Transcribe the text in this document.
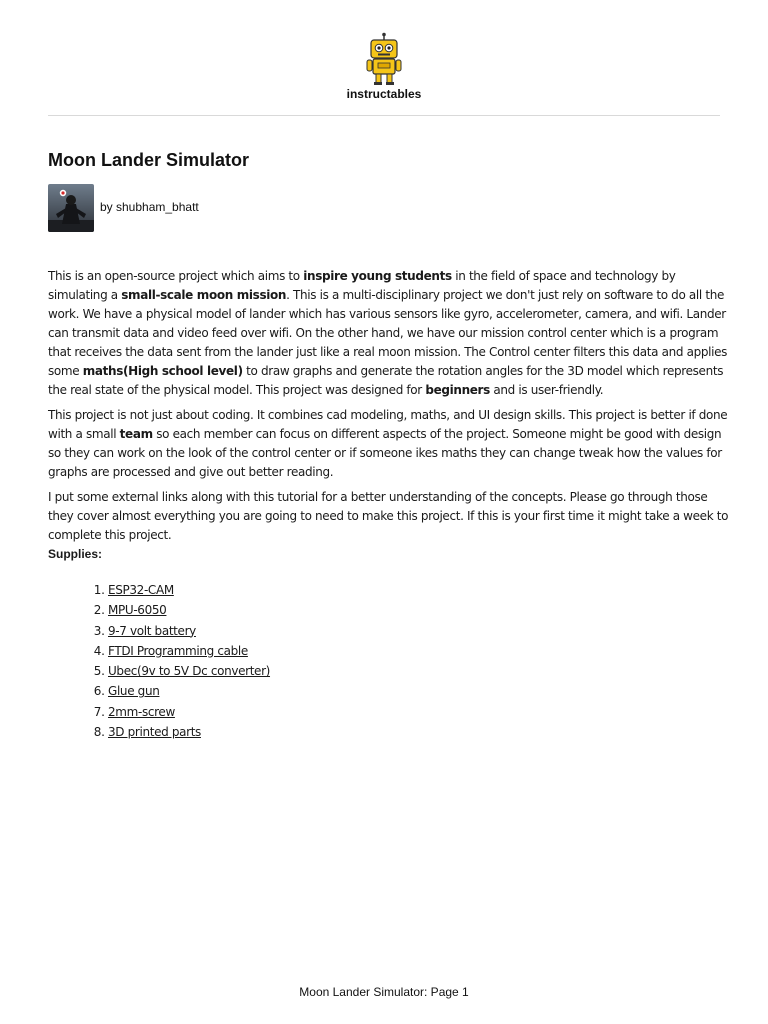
instructables
Moon Lander Simulator
by shubham_bhatt

This is an open-source project which aims to inspire young students in the field of space and technology by simulating a small-scale moon mission. This is a multi-disciplinary project we don't just rely on software to do all the work. We have a physical model of lander which has various sensors like gyro, accelerometer, camera, and wifi. Lander can transmit data and video feed over wifi. On the other hand, we have our mission control center which is a program that receives the data sent from the lander just like a real moon mission. The Control center filters this data and applies some maths(High school level) to draw graphs and generate the rotation angles for the 3D model which represents the real state of the physical model. This project was designed for beginners and is user-friendly.

This project is not just about coding. It combines cad modeling, maths, and UI design skills. This project is better if done with a small team so each member can focus on different aspects of the project. Someone might be good with design so they can work on the look of the control center or if someone ikes maths they can change tweak how the values for graphs are processed and give out better reading.

I put some external links along with this tutorial for a better understanding of the concepts. Please go through those they cover almost everything you are going to need to make this project. If this is your first time it might take a week to complete this project.

Supplies:
1. ESP32-CAM
2. MPU-6050
3. 9-7 volt battery
4. FTDI Programming cable
5. Ubec(9v to 5V Dc converter)
6. Glue gun
7. 2mm-screw
8. 3D printed parts
Moon Lander Simulator: Page 1
